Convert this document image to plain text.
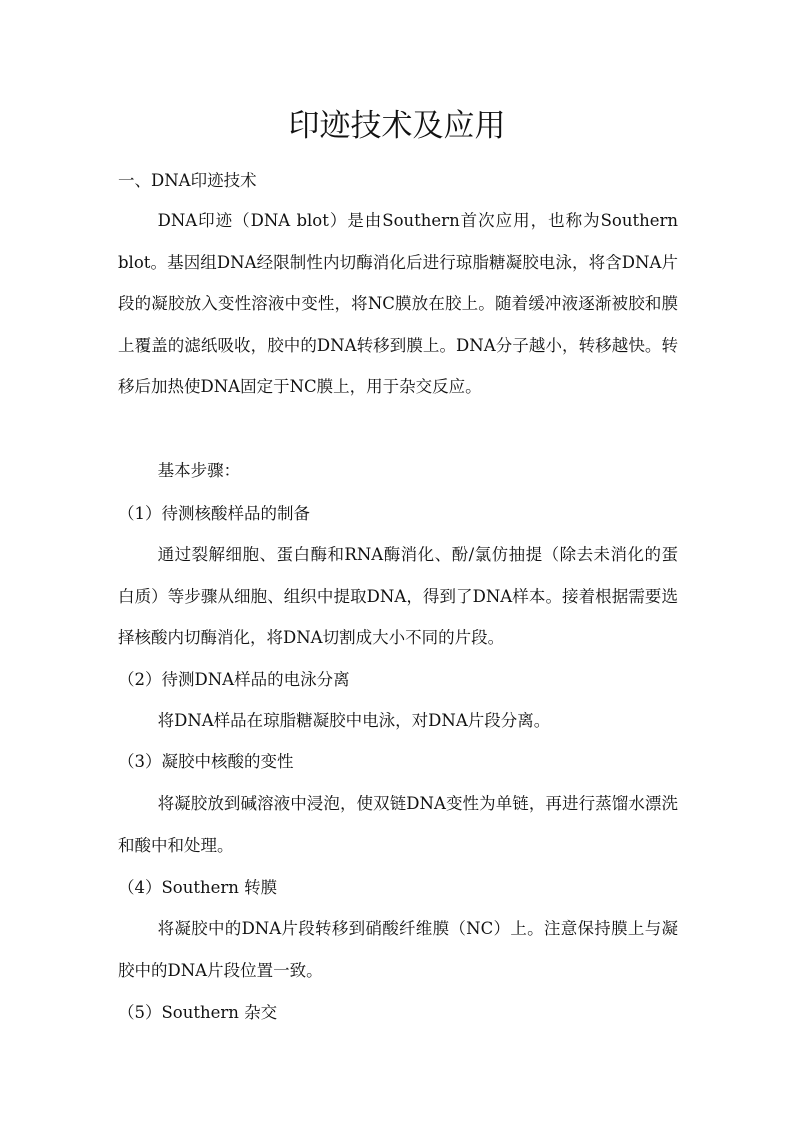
印迹技术及应用
一、DNA印迹技术

DNA印迹（DNA blot）是由Southern首次应用，也称为Southern blot。基因组DNA经限制性内切酶消化后进行琼脂糖凝胶电泳，将含DNA片段的凝胶放入变性溶液中变性，将NC膜放在胶上。随着缓冲液逐渐被胶和膜上覆盖的滤纸吸收，胶中的DNA转移到膜上。DNA分子越小，转移越快。转移后加热使DNA固定于NC膜上，用于杂交反应。

基本步骤：
（1）待测核酸样品的制备

通过裂解细胞、蛋白酶和RNA酶消化、酚/氯仿抽提（除去未消化的蛋白质）等步骤从细胞、组织中提取DNA，得到了DNA样本。接着根据需要选择核酸内切酶消化，将DNA切割成大小不同的片段。

（2）待测DNA样品的电泳分离

将DNA样品在琼脂糖凝胶中电泳，对DNA片段分离。

（3）凝胶中核酸的变性

将凝胶放到碱溶液中浸泡，使双链DNA变性为单链，再进行蒸馏水漂洗和酸中和处理。

（4）Southern 转膜

将凝胶中的DNA片段转移到硝酸纤维膜（NC）上。注意保持膜上与凝胶中的DNA片段位置一致。

（5）Southern 杂交
